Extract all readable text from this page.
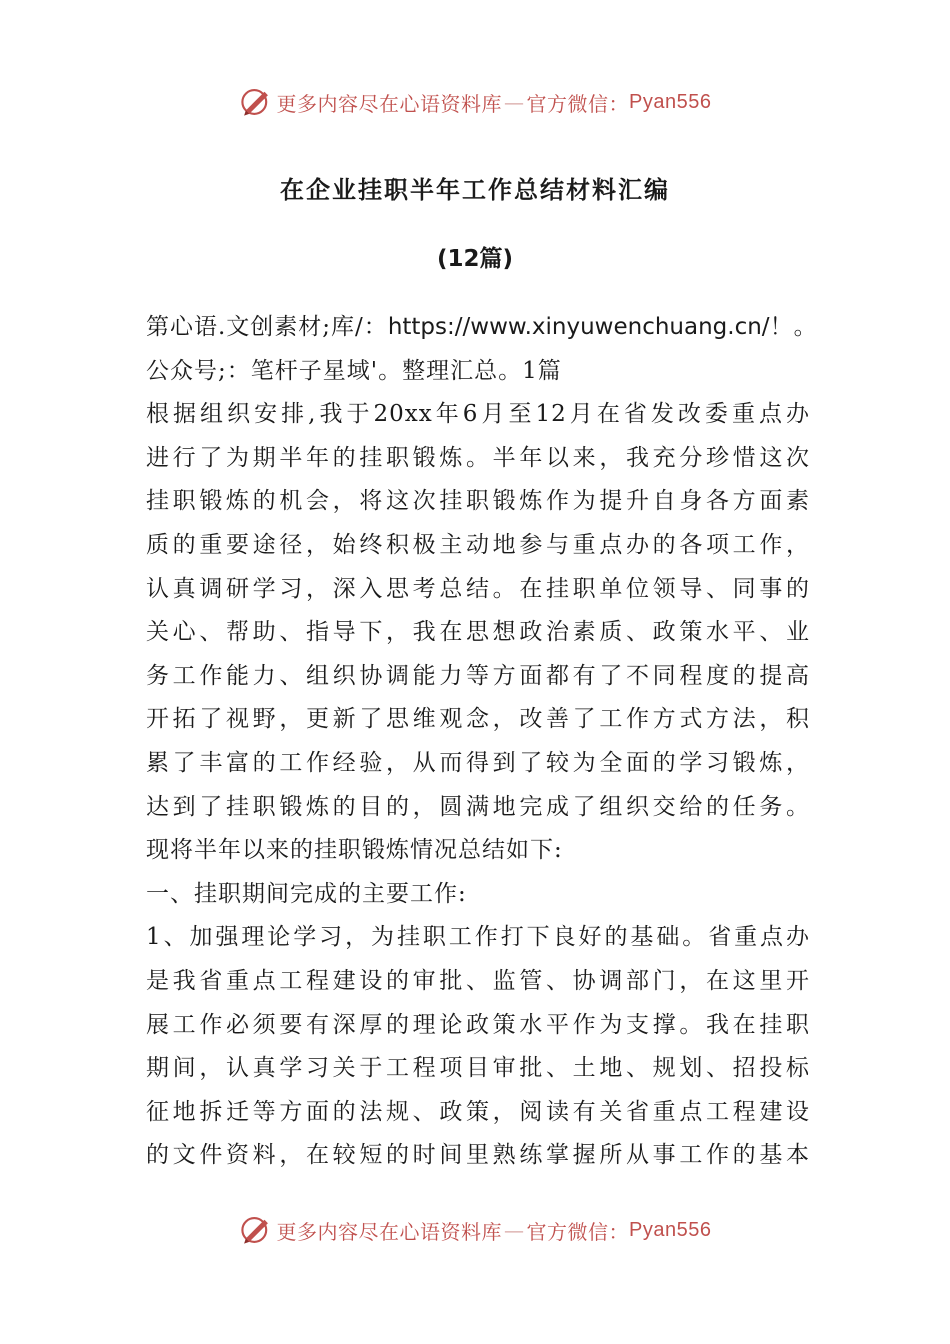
更多内容尽在心语资料库 — 官方微信： Pyan556
在企业挂职半年工作总结材料汇编
(12篇)
第心语.文创素材;库/：https://www.xinyuwenchuang.cn/！。
公众号;：笔杆子星域'。整理汇总。1篇
根据组织安排,我于20xx年6月至12月在省发改委重点办
进行了为期半年的挂职锻炼。半年以来，我充分珍惜这次
挂职锻炼的机会，将这次挂职锻炼作为提升自身各方面素
质的重要途径，始终积极主动地参与重点办的各项工作，
认真调研学习，深入思考总结。在挂职单位领导、同事的
关心、帮助、指导下，我在思想政治素质、政策水平、业
务工作能力、组织协调能力等方面都有了不同程度的提高
开拓了视野，更新了思维观念，改善了工作方式方法，积
累了丰富的工作经验，从而得到了较为全面的学习锻炼，
达到了挂职锻炼的目的，圆满地完成了组织交给的任务。
现将半年以来的挂职锻炼情况总结如下:
一、挂职期间完成的主要工作:
1、加强理论学习，为挂职工作打下良好的基础。省重点办
是我省重点工程建设的审批、监管、协调部门，在这里开
展工作必须要有深厚的理论政策水平作为支撑。我在挂职
期间，认真学习关于工程项目审批、土地、规划、招投标
征地拆迁等方面的法规、政策，阅读有关省重点工程建设
的文件资料，在较短的时间里熟练掌握所从事工作的基本
更多内容尽在心语资料库 — 官方微信： Pyan556
